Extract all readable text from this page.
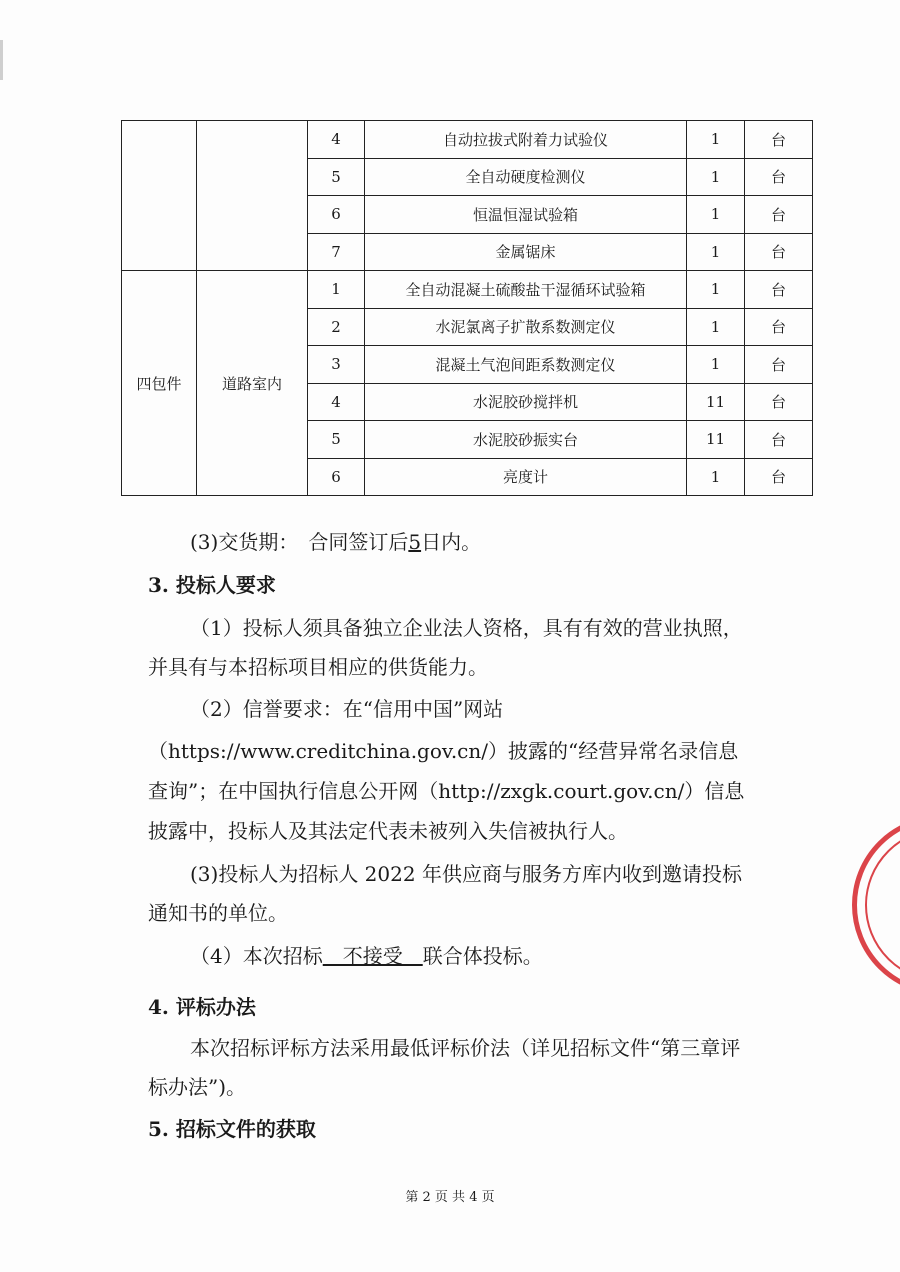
		4	自动拉拔式附着力试验仪	1	台
		5	全自动硬度检测仪	1	台
		6	恒温恒湿试验箱	1	台
		7	金属锯床	1	台
四包件	道路室内	1	全自动混凝土硫酸盐干湿循环试验箱	1	台
		2	水泥氯离子扩散系数测定仪	1	台
		3	混凝土气泡间距系数测定仪	1	台
		4	水泥胶砂搅拌机	11	台
		5	水泥胶砂振实台	11	台
		6	亮度计	1	台

(3)交货期：　合同签订后5日内。

3. 投标人要求

（1）投标人须具备独立企业法人资格，具有有效的营业执照，

并具有与本招标项目相应的供货能力。

（2）信誉要求：在“信用中国”网站

（https://www.creditchina.gov.cn/）披露的“经营异常名录信息

查询”；在中国执行信息公开网（http://zxgk.court.gov.cn/）信息

披露中，投标人及其法定代表未被列入失信被执行人。

(3)投标人为招标人 2022 年供应商与服务方库内收到邀请投标

通知书的单位。

（4）本次招标　不接受　联合体投标。

4. 评标办法

本次招标评标方法采用最低评标价法（详见招标文件“第三章评

标办法”)。

5. 招标文件的获取

第 2 页 共 4 页
